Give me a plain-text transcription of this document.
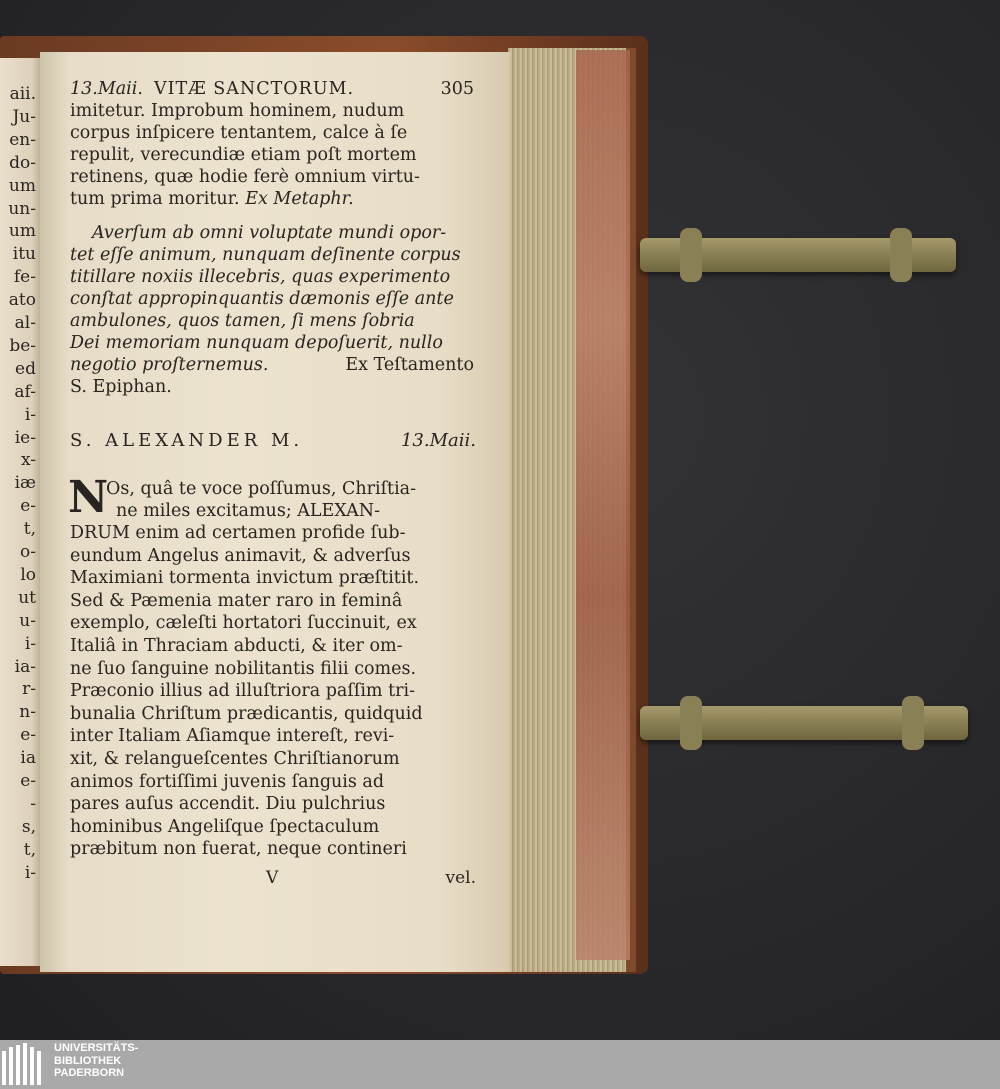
aii.
Ju-
en-
do-
um
un-
um
itu
fe-
ato
al-
be-
ed
af-
i-
ie-
x-
iæ
e-
t,
o-
lo
ut
u-
i-
ia-
r-
n-
e-
ia
e-
-
s,
t,
i-
13.Maii. VITÆ SANCTORUM.	305
imitetur. Improbum hominem, nudum
corpus inſpicere tentantem, calce à ſe
repulit, verecundiæ etiam poſt mortem
retinens, quæ hodie ferè omnium virtu-
tum prima moritur. Ex Metaphr.
Averſum ab omni voluptate mundi opor-
tet eſſe animum, nunquam deſinente corpus
titillare noxiis illecebris, quas experimento
conſtat appropinquantis dæmonis eſſe ante
ambulones, quos tamen, ſi mens ſobria
Dei memoriam nunquam depoſuerit, nullo
negotio proſternemus.	Ex Teſtamento
S. Epiphan.
S. ALEXANDER M.	13.Maii.
N
Os, quâ te voce poſſumus, Chriſtia-
ne miles excitamus; ALEXAN-
DRUM enim ad certamen profide ſub-
eundum Angelus animavit, & adverſus
Maximiani tormenta invictum præſtitit.
Sed & Pæmenia mater raro in feminâ
exemplo, cæleſti hortatori ſuccinuit, ex
Italiâ in Thraciam abducti, & iter om-
ne ſuo ſanguine nobilitantis filii comes.
Præconio illius ad illuſtriora paſſim tri-
bunalia Chriſtum prædicantis, quidquid
inter Italiam Aſiamque intereſt, revi-
xit, & relangueſcentes Chriſtianorum
animos fortiſſimi juvenis ſanguis ad
pares auſus accendit. Diu pulchrius
hominibus Angeliſque ſpectaculum
præbitum non fuerat, neque contineri
V	vel.
UNIVERSITÄTS-
BIBLIOTHEK
PADERBORN
